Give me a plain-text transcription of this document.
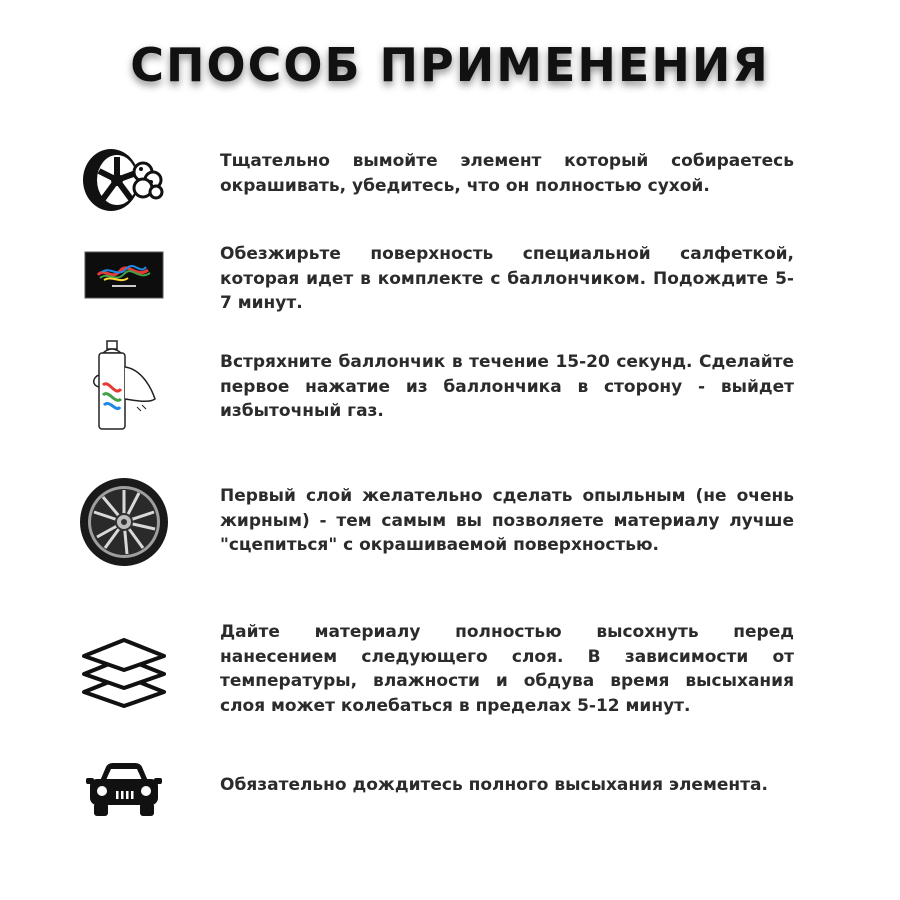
СПОСОБ ПРИМЕНЕНИЯ
Тщательно вымойте элемент который собираетесь окрашивать, убедитесь, что он полностью сухой.
Обезжирьте поверхность специальной салфеткой, которая идет в комплекте с баллончиком. Подождите 5-7 минут.
Встряхните баллончик в течение 15-20 секунд. Сделайте первое нажатие из баллончика в сторону - выйдет избыточный газ.
Первый слой желательно сделать опыльным (не очень жирным) - тем самым вы позволяете материалу лучше "сцепиться" с окрашиваемой поверхностью.
Дайте материалу полностью высохнуть перед нанесением следующего слоя. В зависимости от температуры, влажности и обдува время высыхания слоя может колебаться в пределах 5-12 минут.
Обязательно дождитесь полного высыхания элемента.
